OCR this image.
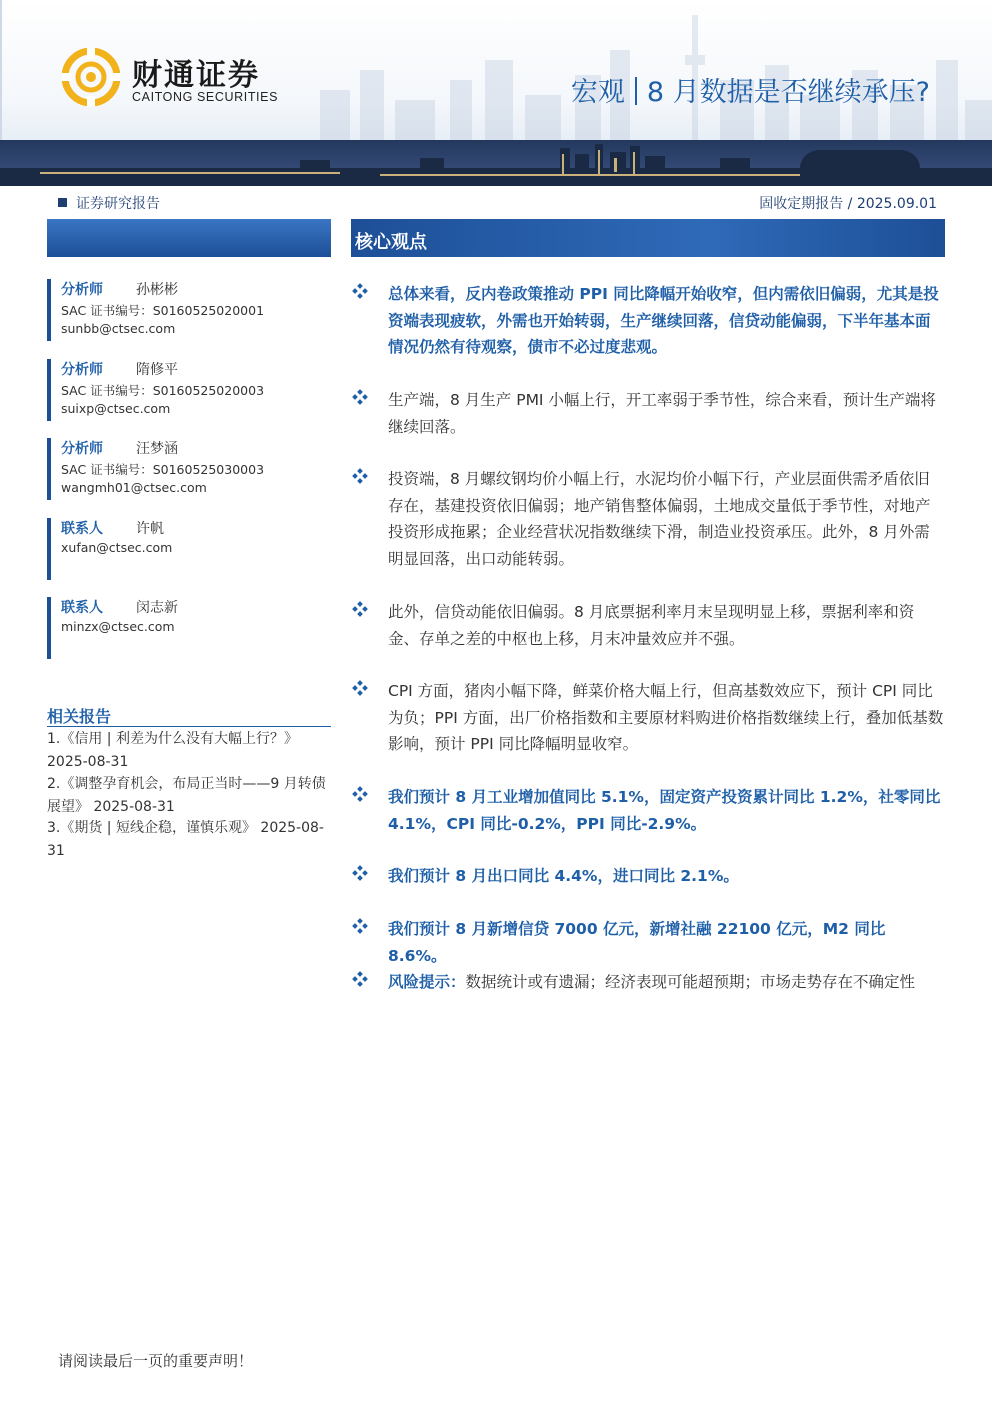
财通证券
CAITONG SECURITIES	宏观 8 月数据是否继续承压?
证券研究报告	固收定期报告 / 2025.09.01
核心观点
分析师 孙彬彬
SAC 证书编号：S0160525020001
sunbb@ctsec.com
分析师 隋修平
SAC 证书编号：S0160525020003
suixp@ctsec.com
分析师 汪梦涵
SAC 证书编号：S0160525030003
wangmh01@ctsec.com
联系人 许帆
xufan@ctsec.com
联系人 闵志新
minzx@ctsec.com
相关报告
1.《信用 | 利差为什么没有大幅上行？》 2025-08-31
2.《调整孕育机会，布局正当时——9 月转债展望》 2025-08-31
3.《期货 | 短线企稳，谨慎乐观》 2025-08-31
总体来看，反内卷政策推动 PPI 同比降幅开始收窄，但内需依旧偏弱，尤其是投资端表现疲软，外需也开始转弱，生产继续回落，信贷动能偏弱，下半年基本面情况仍然有待观察，债市不必过度悲观。
生产端，8 月生产 PMI 小幅上行，开工率弱于季节性，综合来看，预计生产端将继续回落。
投资端，8 月螺纹钢均价小幅上行，水泥均价小幅下行，产业层面供需矛盾依旧存在，基建投资依旧偏弱；地产销售整体偏弱，土地成交量低于季节性，对地产投资形成拖累；企业经营状况指数继续下滑，制造业投资承压。此外，8 月外需明显回落，出口动能转弱。
此外，信贷动能依旧偏弱。8 月底票据利率月末呈现明显上移，票据利率和资金、存单之差的中枢也上移，月末冲量效应并不强。
CPI 方面，猪肉小幅下降，鲜菜价格大幅上行，但高基数效应下，预计 CPI 同比为负；PPI 方面，出厂价格指数和主要原材料购进价格指数继续上行，叠加低基数影响，预计 PPI 同比降幅明显收窄。
我们预计 8 月工业增加值同比 5.1%，固定资产投资累计同比 1.2%，社零同比 4.1%，CPI 同比-0.2%，PPI 同比-2.9%。
我们预计 8 月出口同比 4.4%，进口同比 2.1%。
我们预计 8 月新增信贷 7000 亿元，新增社融 22100 亿元，M2 同比 8.6%。
风险提示：数据统计或有遗漏；经济表现可能超预期；市场走势存在不确定性
请阅读最后一页的重要声明！
